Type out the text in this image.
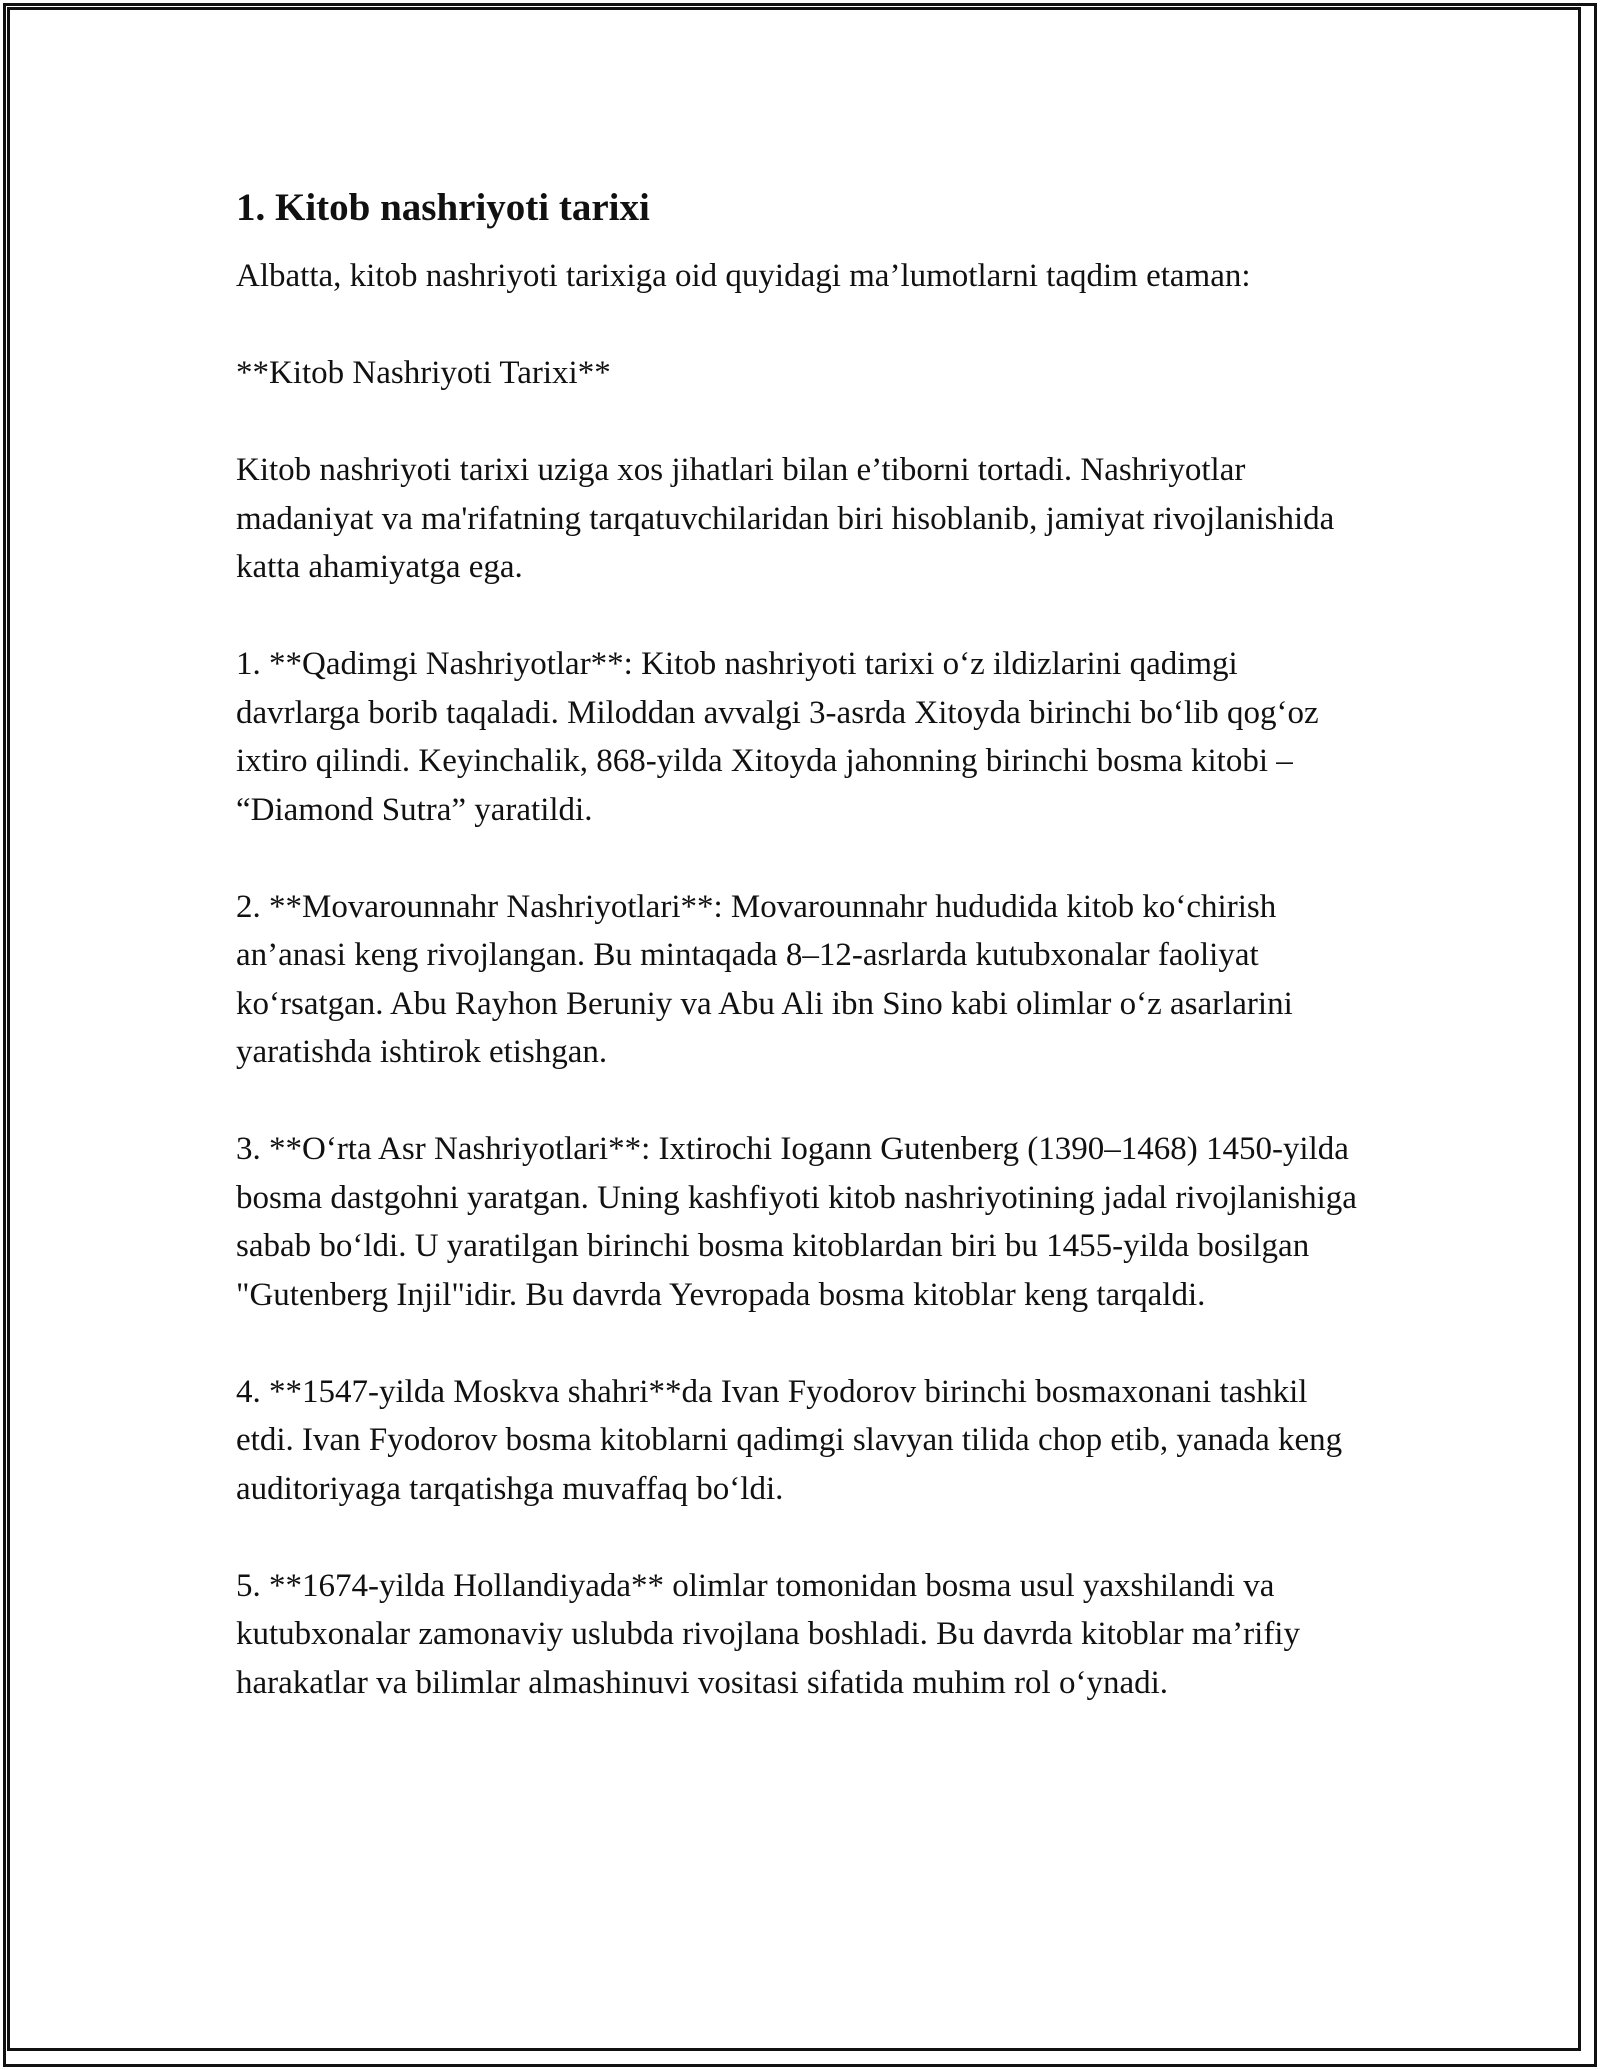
1. Kitob nashriyoti tarixi

Albatta, kitob nashriyoti tarixiga oid quyidagi ma’lumotlarni taqdim etaman:

**Kitob Nashriyoti Tarixi**

Kitob nashriyoti tarixi uziga xos jihatlari bilan e’tiborni tortadi. Nashriyotlar madaniyat va ma'rifatning tarqatuvchilaridan biri hisoblanib, jamiyat rivojlanishida katta ahamiyatga ega.

1. **Qadimgi Nashriyotlar**: Kitob nashriyoti tarixi o‘z ildizlarini qadimgi davrlarga borib taqaladi. Miloddan avvalgi 3-asrda Xitoyda birinchi bo‘lib qog‘oz ixtiro qilindi. Keyinchalik, 868-yilda Xitoyda jahonning birinchi bosma kitobi – “Diamond Sutra” yaratildi.

2. **Movarounnahr Nashriyotlari**: Movarounnahr hududida kitob ko‘chirish an’anasi keng rivojlangan. Bu mintaqada 8–12-asrlarda kutubxonalar faoliyat ko‘rsatgan. Abu Rayhon Beruniy va Abu Ali ibn Sino kabi olimlar o‘z asarlarini yaratishda ishtirok etishgan.

3. **O‘rta Asr Nashriyotlari**: Ixtirochi Iogann Gutenberg (1390–1468) 1450-yilda bosma dastgohni yaratgan. Uning kashfiyoti kitob nashriyotining jadal rivojlanishiga sabab bo‘ldi. U yaratilgan birinchi bosma kitoblardan biri bu 1455-yilda bosilgan "Gutenberg Injil"idir. Bu davrda Yevropada bosma kitoblar keng tarqaldi.

4. **1547-yilda Moskva shahri**da Ivan Fyodorov birinchi bosmaxonani tashkil etdi. Ivan Fyodorov bosma kitoblarni qadimgi slavyan tilida chop etib, yanada keng auditoriyaga tarqatishga muvaffaq bo‘ldi.

5. **1674-yilda Hollandiyada** olimlar tomonidan bosma usul yaxshilandi va kutubxonalar zamonaviy uslubda rivojlana boshladi. Bu davrda kitoblar ma’rifiy harakatlar va bilimlar almashinuvi vositasi sifatida muhim rol o‘ynadi.
